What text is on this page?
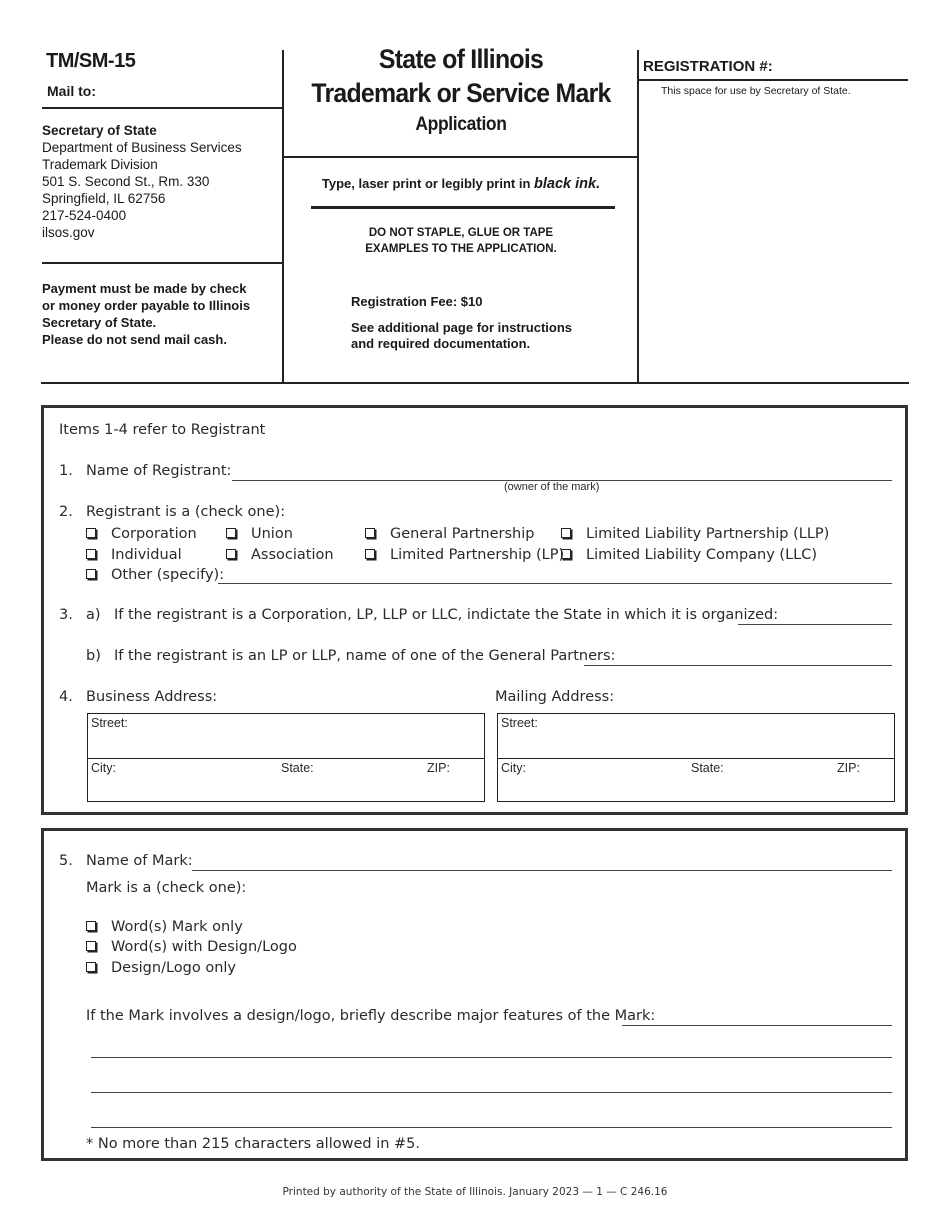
TM/SM-15
Mail to:
Secretary of State
Department of Business Services
Trademark Division
501 S. Second St., Rm. 330
Springfield, IL 62756
217-524-0400
ilsos.gov
Payment must be made by check
or money order payable to Illinois
Secretary of State.
Please do not send mail cash.
State of Illinois
Trademark or Service Mark
Application
Type, laser print or legibly print in black ink.
DO NOT STAPLE, GLUE OR TAPE
EXAMPLES TO THE APPLICATION.
Registration Fee: $10
See additional page for instructions
and required documentation.
REGISTRATION #:
This space for use by Secretary of State.
Items 1-4 refer to Registrant
1. Name of Registrant:
(owner of the mark)
2. Registrant is a (check one):
Corporation	Union	General Partnership	Limited Liability Partnership (LLP)
Individual	Association	Limited Partnership (LP)	Limited Liability Company (LLC)
Other (specify):
3. a) If the registrant is a Corporation, LP, LLP or LLC, indictate the State in which it is organized:
b) If the registrant is an LP or LLP, name of one of the General Partners:
4. Business Address:	Mailing Address:
Street:
City:	State:	ZIP:
Street:
City:	State:	ZIP:
5. Name of Mark:
Mark is a (check one):
Word(s) Mark only
Word(s) with Design/Logo
Design/Logo only
If the Mark involves a design/logo, briefly describe major features of the Mark:
* No more than 215 characters allowed in #5.
Printed by authority of the State of Illinois. January 2023 — 1 — C 246.16
